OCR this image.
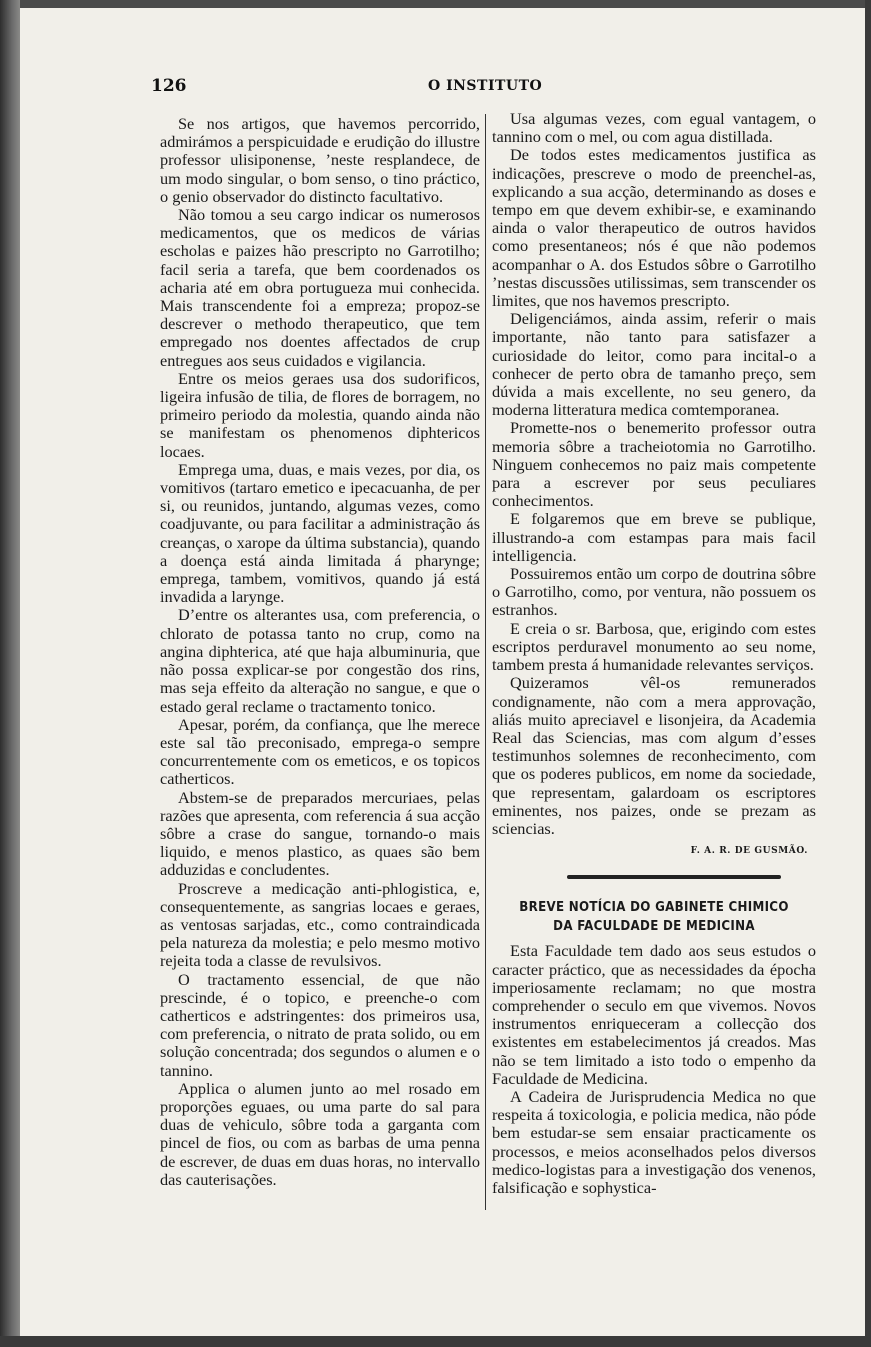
126	O INSTITUTO

Se nos artigos, que havemos percorrido, admirámos a perspicuidade e erudição do illustre professor ulisiponense, ’neste resplandece, de um modo singular, o bom senso, o tino práctico, o genio observador do distincto facultativo.

Não tomou a seu cargo indicar os numerosos medicamentos, que os medicos de várias escholas e paizes hão prescripto no Garrotilho; facil seria a tarefa, que bem coordenados os acharia até em obra portugueza mui conhecida. Mais transcendente foi a empreza; propoz-se descrever o methodo therapeutico, que tem empregado nos doentes affectados de crup entregues aos seus cuidados e vigilancia.

Entre os meios geraes usa dos sudorificos, ligeira infusão de tilia, de flores de borragem, no primeiro periodo da molestia, quando ainda não se manifestam os phenomenos diphtericos locaes.

Emprega uma, duas, e mais vezes, por dia, os vomitivos (tartaro emetico e ipecacuanha, de per si, ou reunidos, juntando, algumas vezes, como coadjuvante, ou para facilitar a administração ás creanças, o xarope da última substancia), quando a doença está ainda limitada á pharynge; emprega, tambem, vomitivos, quando já está invadida a larynge.

D’entre os alterantes usa, com preferencia, o chlorato de potassa tanto no crup, como na angina diphterica, até que haja albuminuria, que não possa explicar-se por congestão dos rins, mas seja effeito da alteração no sangue, e que o estado geral reclame o tractamento tonico.

Apesar, porém, da confiança, que lhe merece este sal tão preconisado, emprega-o sempre concurrentemente com os emeticos, e os topicos catherticos.

Abstem-se de preparados mercuriaes, pelas razões que apresenta, com referencia á sua acção sôbre a crase do sangue, tornando-o mais liquido, e menos plastico, as quaes são bem adduzidas e concludentes.

Proscreve a medicação anti-phlogistica, e, consequentemente, as sangrias locaes e geraes, as ventosas sarjadas, etc., como contraindicada pela natureza da molestia; e pelo mesmo motivo rejeita toda a classe de revulsivos.

O tractamento essencial, de que não prescinde, é o topico, e preenche-o com catherticos e adstringentes: dos primeiros usa, com preferencia, o nitrato de prata solido, ou em solução concentrada; dos segundos o alumen e o tannino.

Applica o alumen junto ao mel rosado em proporções eguaes, ou uma parte do sal para duas de vehiculo, sôbre toda a garganta com pincel de fios, ou com as barbas de uma penna de escrever, de duas em duas horas, no intervallo das cauterisações.

Usa algumas vezes, com egual vantagem, o tannino com o mel, ou com agua distillada.

De todos estes medicamentos justifica as indicações, prescreve o modo de preenchel-as, explicando a sua acção, determinando as doses e tempo em que devem exhibir-se, e examinando ainda o valor therapeutico de outros havidos como presentaneos; nós é que não podemos acompanhar o A. dos Estudos sôbre o Garrotilho ’nestas discussões utilissimas, sem transcender os limites, que nos havemos prescripto.

Deligenciámos, ainda assim, referir o mais importante, não tanto para satisfazer a curiosidade do leitor, como para incital-o a conhecer de perto obra de tamanho preço, sem dúvida a mais excellente, no seu genero, da moderna litteratura medica comtemporanea.

Promette-nos o benemerito professor outra memoria sôbre a tracheiotomia no Garrotilho. Ninguem conhecemos no paiz mais competente para a escrever por seus peculiares conhecimentos.

E folgaremos que em breve se publique, illustrando-a com estampas para mais facil intelligencia.

Possuiremos então um corpo de doutrina sôbre o Garrotilho, como, por ventura, não possuem os estranhos.

E creia o sr. Barbosa, que, erigindo com estes escriptos perduravel monumento ao seu nome, tambem presta á humanidade relevantes serviços.

Quizeramos vêl-os remunerados condignamente, não com a mera approvação, aliás muito apreciavel e lisonjeira, da Academia Real das Sciencias, mas com algum d’esses testimunhos solemnes de reconhecimento, com que os poderes publicos, em nome da sociedade, que representam, galardoam os escriptores eminentes, nos paizes, onde se prezam as sciencias.

F. A. R. DE GUSMÃO.
BREVE NOTÍCIA DO GABINETE CHIMICO
DA FACULDADE DE MEDICINA

Esta Faculdade tem dado aos seus estudos o caracter práctico, que as necessidades da épocha imperiosamente reclamam; no que mostra comprehender o seculo em que vivemos. Novos instrumentos enriqueceram a collecção dos existentes em estabelecimentos já creados. Mas não se tem limitado a isto todo o empenho da Faculdade de Medicina.

A Cadeira de Jurisprudencia Medica no que respeita á toxicologia, e policia medica, não póde bem estudar-se sem ensaiar practicamente os processos, e meios aconselhados pelos diversos medico-logistas para a investigação dos venenos, falsificação e sophystica-
